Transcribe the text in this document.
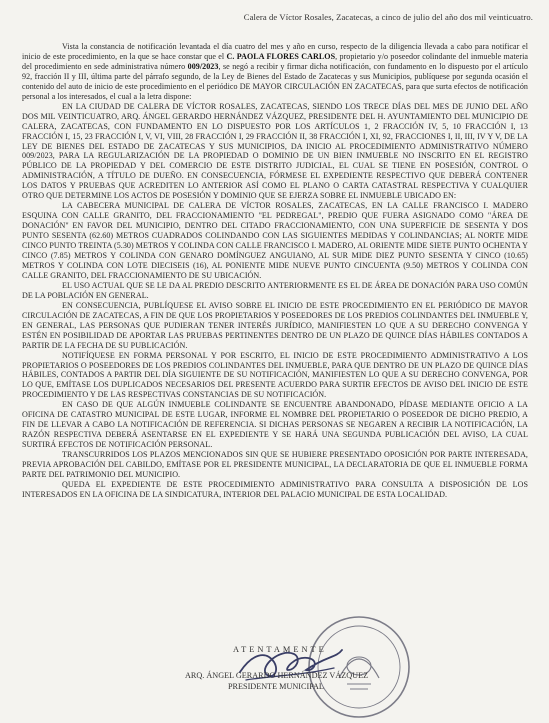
Calera de Víctor Rosales, Zacatecas, a cinco de julio del año dos mil veinticuatro.

Vista la constancia de notificación levantada el día cuatro del mes y año en curso, respecto de la diligencia llevada a cabo para notificar el inicio de este procedimiento, en la que se hace constar que el C. PAOLA FLORES CARLOS, propietario y/o poseedor colindante del inmueble materia del procedimiento en sede administrativa número 009/2023, se negó a recibir y firmar dicha notificación, con fundamento en lo dispuesto por el artículo 92, fracción II y III, última parte del párrafo segundo, de la Ley de Bienes del Estado de Zacatecas y sus Municipios, publíquese por segunda ocasión el contenido del auto de inicio de este procedimiento en el periódico DE MAYOR CIRCULACIÓN EN ZACATECAS, para que surta efectos de notificación personal a los interesados, el cual a la letra dispone:

EN LA CIUDAD DE CALERA DE VÍCTOR ROSALES, ZACATECAS, SIENDO LOS TRECE DÍAS DEL MES DE JUNIO DEL AÑO DOS MIL VEINTICUATRO, ARQ. ÁNGEL GERARDO HERNÁNDEZ VÁZQUEZ, PRESIDENTE DEL H. AYUNTAMIENTO DEL MUNICIPIO DE CALERA, ZACATECAS, CON FUNDAMENTO EN LO DISPUESTO POR LOS ARTÍCULOS 1, 2 FRACCIÓN IV, 5, 10 FRACCIÓN I, 13 FRACCIÓN I, 15, 23 FRACCIÓN I, V, VI, VIII, 28 FRACCIÓN I, 29 FRACCIÓN II, 38 FRACCIÓN I, XI, 92, FRACCIONES I, II, III, IV Y V, DE LA LEY DE BIENES DEL ESTADO DE ZACATECAS Y SUS MUNICIPIOS, DA INICIO AL PROCEDIMIENTO ADMINISTRATIVO NÚMERO 009/2023, PARA LA REGULARIZACIÓN DE LA PROPIEDAD O DOMINIO DE UN BIEN INMUEBLE NO INSCRITO EN EL REGISTRO PÚBLICO DE LA PROPIEDAD Y DEL COMERCIO DE ESTE DISTRITO JUDICIAL, EL CUAL SE TIENE EN POSESIÓN, CONTROL O ADMINISTRACIÓN, A TÍTULO DE DUEÑO. EN CONSECUENCIA, FÓRMESE EL EXPEDIENTE RESPECTIVO QUE DEBERÁ CONTENER LOS DATOS Y PRUEBAS QUE ACREDITEN LO ANTERIOR ASÍ COMO EL PLANO O CARTA CATASTRAL RESPECTIVA Y CUALQUIER OTRO QUE DETERMINE LOS ACTOS DE POSESIÓN Y DOMINIO QUE SE EJERZA SOBRE EL INMUEBLE UBICADO EN:

LA CABECERA MUNICIPAL DE CALERA DE VÍCTOR ROSALES, ZACATECAS, EN LA CALLE FRANCISCO I. MADERO ESQUINA CON CALLE GRANITO, DEL FRACCIONAMIENTO "EL PEDREGAL", PREDIO QUE FUERA ASIGNADO COMO "ÁREA DE DONACIÓN" EN FAVOR DEL MUNICIPIO, DENTRO DEL CITADO FRACCIONAMIENTO, CON UNA SUPERFICIE DE SESENTA Y DOS PUNTO SESENTA (62.60) METROS CUADRADOS COLINDANDO CON LAS SIGUIENTES MEDIDAS Y COLINDANCIAS; AL NORTE MIDE CINCO PUNTO TREINTA (5.30) METROS Y COLINDA CON CALLE FRANCISCO I. MADERO, AL ORIENTE MIDE SIETE PUNTO OCHENTA Y CINCO (7.85) METROS Y COLINDA CON GENARO DOMÍNGUEZ ANGUIANO, AL SUR MIDE DIEZ PUNTO SESENTA Y CINCO (10.65) METROS Y COLINDA CON LOTE DIECISEIS (16), AL PONIENTE MIDE NUEVE PUNTO CINCUENTA (9.50) METROS Y COLINDA CON CALLE GRANITO, DEL FRACCIONAMIENTO DE SU UBICACIÓN.

EL USO ACTUAL QUE SE LE DA AL PREDIO DESCRITO ANTERIORMENTE ES EL DE ÁREA DE DONACIÓN PARA USO COMÚN DE LA POBLACIÓN EN GENERAL.

EN CONSECUENCIA, PUBLÍQUESE EL AVISO SOBRE EL INICIO DE ESTE PROCEDIMIENTO EN EL PERIÓDICO DE MAYOR CIRCULACIÓN DE ZACATECAS, A FIN DE QUE LOS PROPIETARIOS Y POSEEDORES DE LOS PREDIOS COLINDANTES DEL INMUEBLE Y, EN GENERAL, LAS PERSONAS QUE PUDIERAN TENER INTERÉS JURÍDICO, MANIFIESTEN LO QUE A SU DERECHO CONVENGA Y ESTÉN EN POSIBILIDAD DE APORTAR LAS PRUEBAS PERTINENTES DENTRO DE UN PLAZO DE QUINCE DÍAS HÁBILES CONTADOS A PARTIR DE LA FECHA DE SU PUBLICACIÓN.

NOTIFÍQUESE EN FORMA PERSONAL Y POR ESCRITO, EL INICIO DE ESTE PROCEDIMIENTO ADMINISTRATIVO A LOS PROPIETARIOS O POSEEDORES DE LOS PREDIOS COLINDANTES DEL INMUEBLE, PARA QUE DENTRO DE UN PLAZO DE QUINCE DÍAS HÁBILES, CONTADOS A PARTIR DEL DÍA SIGUIENTE DE SU NOTIFICACIÓN, MANIFIESTEN LO QUE A SU DERECHO CONVENGA, POR LO QUE, EMÍTASE LOS DUPLICADOS NECESARIOS DEL PRESENTE ACUERDO PARA SURTIR EFECTOS DE AVISO DEL INICIO DE ESTE PROCEDIMIENTO Y DE LAS RESPECTIVAS CONSTANCIAS DE SU NOTIFICACIÓN.

EN CASO DE QUE ALGÚN INMUEBLE COLINDANTE SE ENCUENTRE ABANDONADO, PÍDASE MEDIANTE OFICIO A LA OFICINA DE CATASTRO MUNICIPAL DE ESTE LUGAR, INFORME EL NOMBRE DEL PROPIETARIO O POSEEDOR DE DICHO PREDIO, A FIN DE LLEVAR A CABO LA NOTIFICACIÓN DE REFERENCIA. SI DICHAS PERSONAS SE NEGAREN A RECIBIR LA NOTIFICACIÓN, LA RAZÓN RESPECTIVA DEBERÁ ASENTARSE EN EL EXPEDIENTE Y SE HARÁ UNA SEGUNDA PUBLICACIÓN DEL AVISO, LA CUAL SURTIRÁ EFECTOS DE NOTIFICACIÓN PERSONAL.

TRANSCURRIDOS LOS PLAZOS MENCIONADOS SIN QUE SE HUBIERE PRESENTADO OPOSICIÓN POR PARTE INTERESADA, PREVIA APROBACIÓN DEL CABILDO, EMÍTASE POR EL PRESIDENTE MUNICIPAL, LA DECLARATORIA DE QUE EL INMUEBLE FORMA PARTE DEL PATRIMONIO DEL MUNICIPIO.

QUEDA EL EXPEDIENTE DE ESTE PROCEDIMIENTO ADMINISTRATIVO PARA CONSULTA A DISPOSICIÓN DE LOS INTERESADOS EN LA OFICINA DE LA SINDICATURA, INTERIOR DEL PALACIO MUNICIPAL DE ESTA LOCALIDAD.

ATENTAMENTE
ARQ. ÁNGEL GERARDO HERNÁNDEZ VÁZQUEZ
PRESIDENTE MUNICIPAL
